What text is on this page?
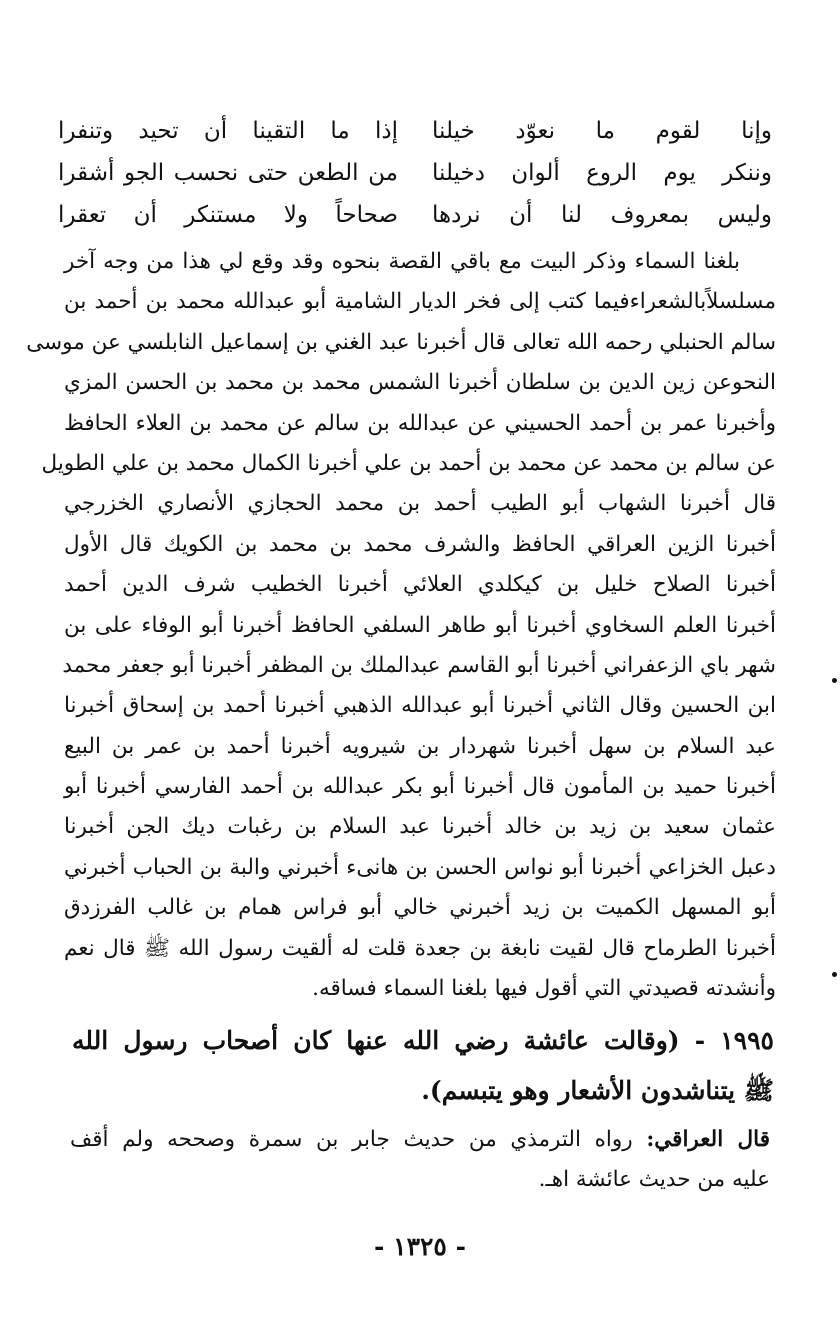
وإنا لقوم ما نعوّد خيلنا
إذا ما التقينا أن تحيد وتنفرا
وننكر يوم الروع ألوان دخيلنا
من الطعن حتى نحسب الجو أشقرا
وليس بمعروف لنا أن نردها
صحاحاً ولا مستنكر أن تعقرا
بلغنا السماء وذكر البيت مع باقي القصة بنحوه وقد وقع لي هذا من وجه آخر
مسلسلاًبالشعراءفيما كتب إلى فخر الديار الشامية أبو عبدالله محمد بن أحمد بن
سالم الحنبلي رحمه الله تعالى قال أخبرنا عبد الغني بن إسماعيل النابلسي عن موسى
النحوعن زين الدين بن سلطان أخبرنا الشمس محمد بن محمد بن الحسن المزي
وأخبرنا عمر بن أحمد الحسيني عن عبدالله بن سالم عن محمد بن العلاء الحافظ
عن سالم بن محمد عن محمد بن أحمد بن علي أخبرنا الكمال محمد بن علي الطويل
قال أخبرنا الشهاب أبو الطيب أحمد بن محمد الحجازي الأنصاري الخزرجي
أخبرنا الزين العراقي الحافظ والشرف محمد بن محمد بن الكويك قال الأول
أخبرنا الصلاح خليل بن كيكلدي العلائي أخبرنا الخطيب شرف الدين أحمد
أخبرنا العلم السخاوي أخبرنا أبو طاهر السلفي الحافظ أخبرنا أبو الوفاء على بن
شهر باي الزعفراني أخبرنا أبو القاسم عبدالملك بن المظفر أخبرنا أبو جعفر محمد
ابن الحسين وقال الثاني أخبرنا أبو عبدالله الذهبي أخبرنا أحمد بن إسحاق أخبرنا
عبد السلام بن سهل أخبرنا شهردار بن شيرويه أخبرنا أحمد بن عمر بن البيع
أخبرنا حميد بن المأمون قال أخبرنا أبو بكر عبدالله بن أحمد الفارسي أخبرنا أبو
عثمان سعيد بن زيد بن خالد أخبرنا عبد السلام بن رغبات ديك الجن أخبرنا
دعبل الخزاعي أخبرنا أبو نواس الحسن بن هانىء أخبرني والبة بن الحباب أخبرني
أبو المسهل الكميت بن زيد أخبرني خالي أبو فراس همام بن غالب الفرزدق
أخبرنا الطرماح قال لقيت نابغة بن جعدة قلت له ألقيت رسول الله ﷺ قال نعم
وأنشدته قصيدتي التي أقول فيها بلغنا السماء فساقه.
١٩٩٥ - (وقالت عائشة رضي الله عنها كان أصحاب رسول الله
ﷺ يتناشدون الأشعار وهو يتبسم).
قال العراقي: رواه الترمذي من حديث جابر بن سمرة وصححه ولم أقف
عليه من حديث عائشة اهـ.
- ١٣٢٥ -
